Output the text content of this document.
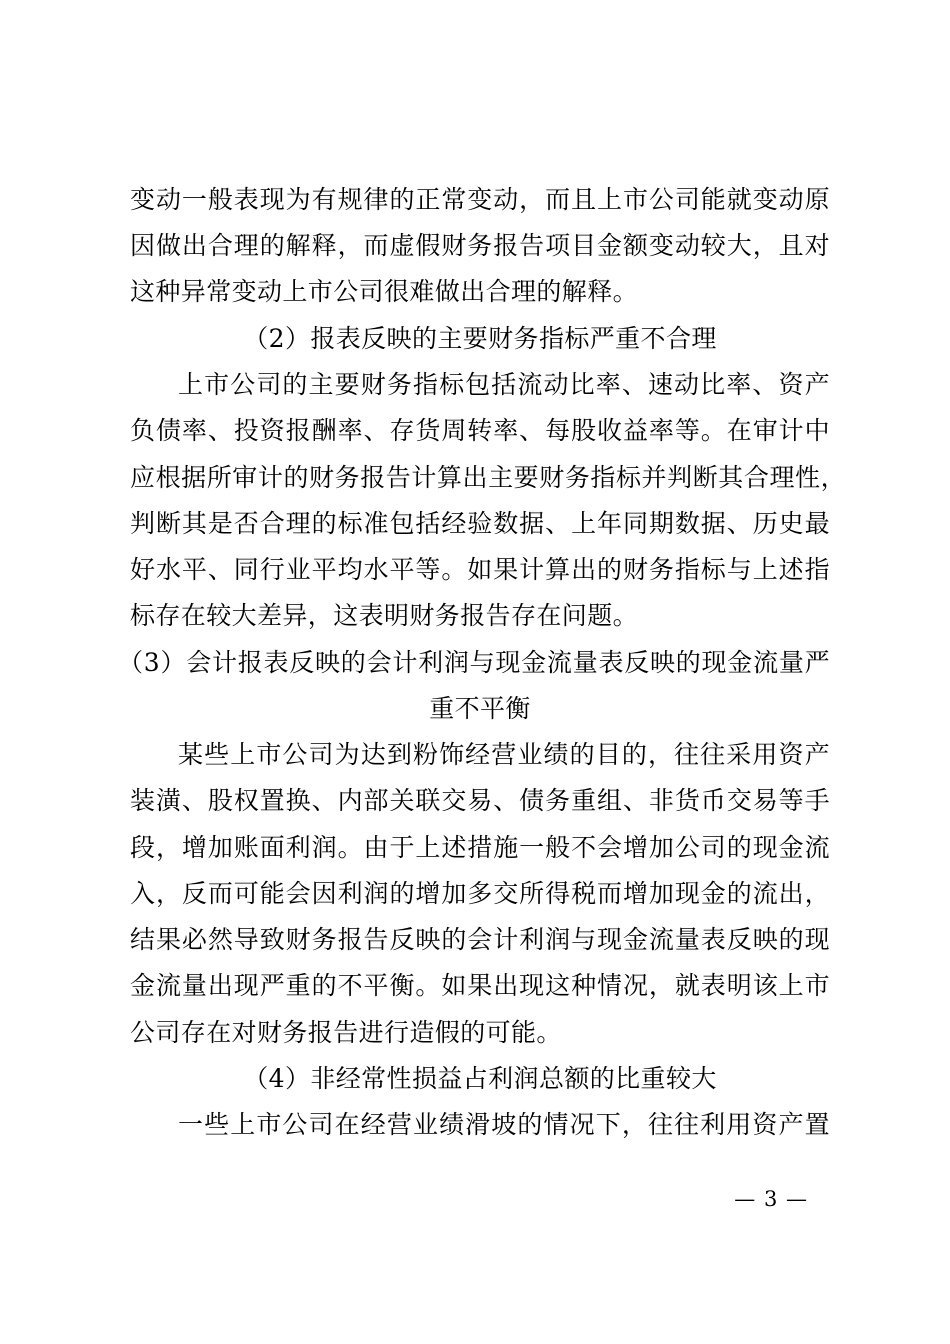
变动一般表现为有规律的正常变动，而且上市公司能就变动原
因做出合理的解释，而虚假财务报告项目金额变动较大，且对
这种异常变动上市公司很难做出合理的解释。
（2）报表反映的主要财务指标严重不合理
上市公司的主要财务指标包括流动比率、速动比率、资产
负债率、投资报酬率、存货周转率、每股收益率等。在审计中
应根据所审计的财务报告计算出主要财务指标并判断其合理性，
判断其是否合理的标准包括经验数据、上年同期数据、历史最
好水平、同行业平均水平等。如果计算出的财务指标与上述指
标存在较大差异，这表明财务报告存在问题。
（3）会计报表反映的会计利润与现金流量表反映的现金流量严
重不平衡
某些上市公司为达到粉饰经营业绩的目的，往往采用资产
装潢、股权置换、内部关联交易、债务重组、非货币交易等手
段，增加账面利润。由于上述措施一般不会增加公司的现金流
入，反而可能会因利润的增加多交所得税而增加现金的流出，
结果必然导致财务报告反映的会计利润与现金流量表反映的现
金流量出现严重的不平衡。如果出现这种情况，就表明该上市
公司存在对财务报告进行造假的可能。
（4）非经常性损益占利润总额的比重较大
一些上市公司在经营业绩滑坡的情况下，往往利用资产置
— 3 —
